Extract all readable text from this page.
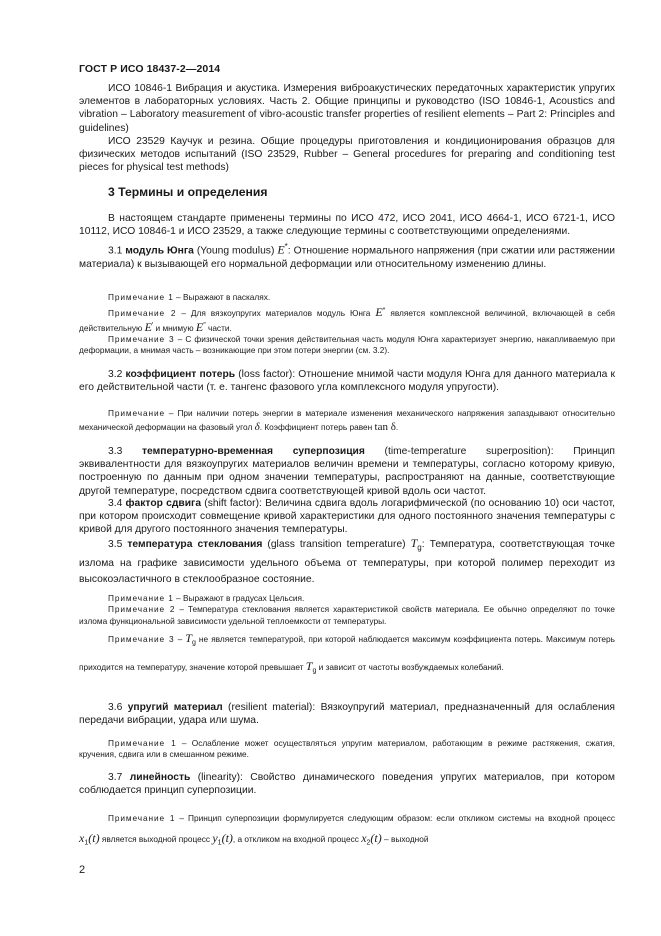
ГОСТ Р ИСО 18437-2—2014

ИСО 10846-1 Вибрация и акустика. Измерения виброакустических передаточных характеристик упругих элементов в лабораторных условиях. Часть 2. Общие принципы и руководство (ISO 10846-1, Acoustics and vibration – Laboratory measurement of vibro-acoustic transfer properties of resilient elements – Part 2: Principles and guidelines)

ИСО 23529 Каучук и резина. Общие процедуры приготовления и кондиционирования образцов для физических методов испытаний (ISO 23529, Rubber – General procedures for preparing and conditioning test pieces for physical test methods)

3 Термины и определения

В настоящем стандарте применены термины по ИСО 472, ИСО 2041, ИСО 4664-1, ИСО 6721-1, ИСО 10112, ИСО 10846-1 и ИСО 23529, а также следующие термины с соответствующими определениями.

3.1 модуль Юнга (Young modulus) E*: Отношение нормального напряжения (при сжатии или растяжении материала) к вызывающей его нормальной деформации или относительному изменению длины.

Примечание 1 – Выражают в паскалях.

Примечание 2 – Для вязкоупругих материалов модуль Юнга E* является комплексной величиной, включающей в себя действительную E′ и мнимую E″ части.

Примечание 3 – С физической точки зрения действительная часть модуля Юнга характеризует энергию, накапливаемую при деформации, а мнимая часть – возникающие при этом потери энергии (см. 3.2).

3.2 коэффициент потерь (loss factor): Отношение мнимой части модуля Юнга для данного материала к его действительной части (т. е. тангенс фазового угла комплексного модуля упругости).

Примечание – При наличии потерь энергии в материале изменения механического напряжения запаздывают относительно механической деформации на фазовый угол δ. Коэффициент потерь равен tan δ.

3.3 температурно-временная суперпозиция (time-temperature superposition): Принцип эквивалентности для вязкоупругих материалов величин времени и температуры, согласно которому кривую, построенную по данным при одном значении температуры, распространяют на данные, соответствующие другой температуре, посредством сдвига соответствующей кривой вдоль оси частот.

3.4 фактор сдвига (shift factor): Величина сдвига вдоль логарифмической (по основанию 10) оси частот, при котором происходит совмещение кривой характеристики для одного постоянного значения температуры с кривой для другого постоянного значения температуры.

3.5 температура стеклования (glass transition temperature) $T_g$: Температура, соответствующая точке излома на графике зависимости удельного объема от температуры, при которой полимер переходит из высокоэластичного в стеклообразное состояние.

Примечание 1 – Выражают в градусах Цельсия.

Примечание 2 – Температура стеклования является характеристикой свойств материала. Ее обычно определяют по точке излома функциональной зависимости удельной теплоемкости от температуры.

Примечание $3 - T_g$ не является температурой, при которой наблюдается максимум коэффициента потерь. Максимум потерь приходится на температуру, значение которой превышает $T_g$ и зависит от частоты возбуждаемых колебаний.

3.6 упругий материал (resilient material): Вязкоупругий материал, предназначенный для ослабления передачи вибрации, удара или шума.

Примечание 1 – Ослабление может осуществляться упругим материалом, работающим в режиме растяжения, сжатия, кручения, сдвига или в смешанном режиме.

3.7 линейность (linearity): Свойство динамического поведения упругих материалов, при котором соблюдается принцип суперпозиции.

Примечание 1 – Принцип суперпозиции формулируется следующим образом: если откликом системы на входной процесс $x_1(t)$ является выходной процесс $y_1(t)$, а откликом на входной процесс $x_2(t)$ – выходной

2
